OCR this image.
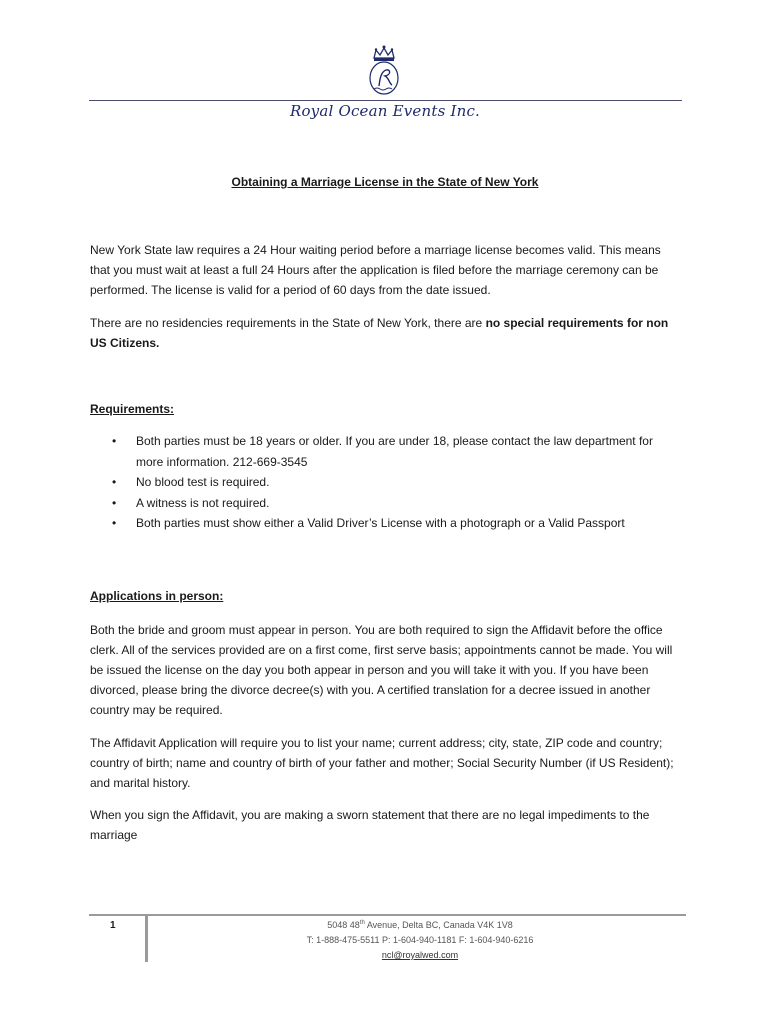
Royal Ocean Events Inc.
Obtaining a Marriage License in the State of New York
New York State law requires a 24 Hour waiting period before a marriage license becomes valid. This means that you must wait at least a full 24 Hours after the application is filed before the marriage ceremony can be performed. The license is valid for a period of 60 days from the date issued.
There are no residencies requirements in the State of New York, there are no special requirements for non US Citizens.
Requirements:
• Both parties must be 18 years or older. If you are under 18, please contact the law department for more information. 212-669-3545
• No blood test is required.
• A witness is not required.
• Both parties must show either a Valid Driver’s License with a photograph or a Valid Passport
Applications in person:
Both the bride and groom must appear in person. You are both required to sign the Affidavit before the office clerk. All of the services provided are on a first come, first serve basis; appointments cannot be made. You will be issued the license on the day you both appear in person and you will take it with you. If you have been divorced, please bring the divorce decree(s) with you. A certified translation for a decree issued in another country may be required.
The Affidavit Application will require you to list your name; current address; city, state, ZIP code and country; country of birth; name and country of birth of your father and mother; Social Security Number (if US Resident); and marital history.
When you sign the Affidavit, you are making a sworn statement that there are no legal impediments to the marriage
1	5048 48th Avenue, Delta BC, Canada V4K 1V8
T: 1-888-475-5511 P: 1-604-940-1181 F: 1-604-940-6216
ncl@royalwed.com
